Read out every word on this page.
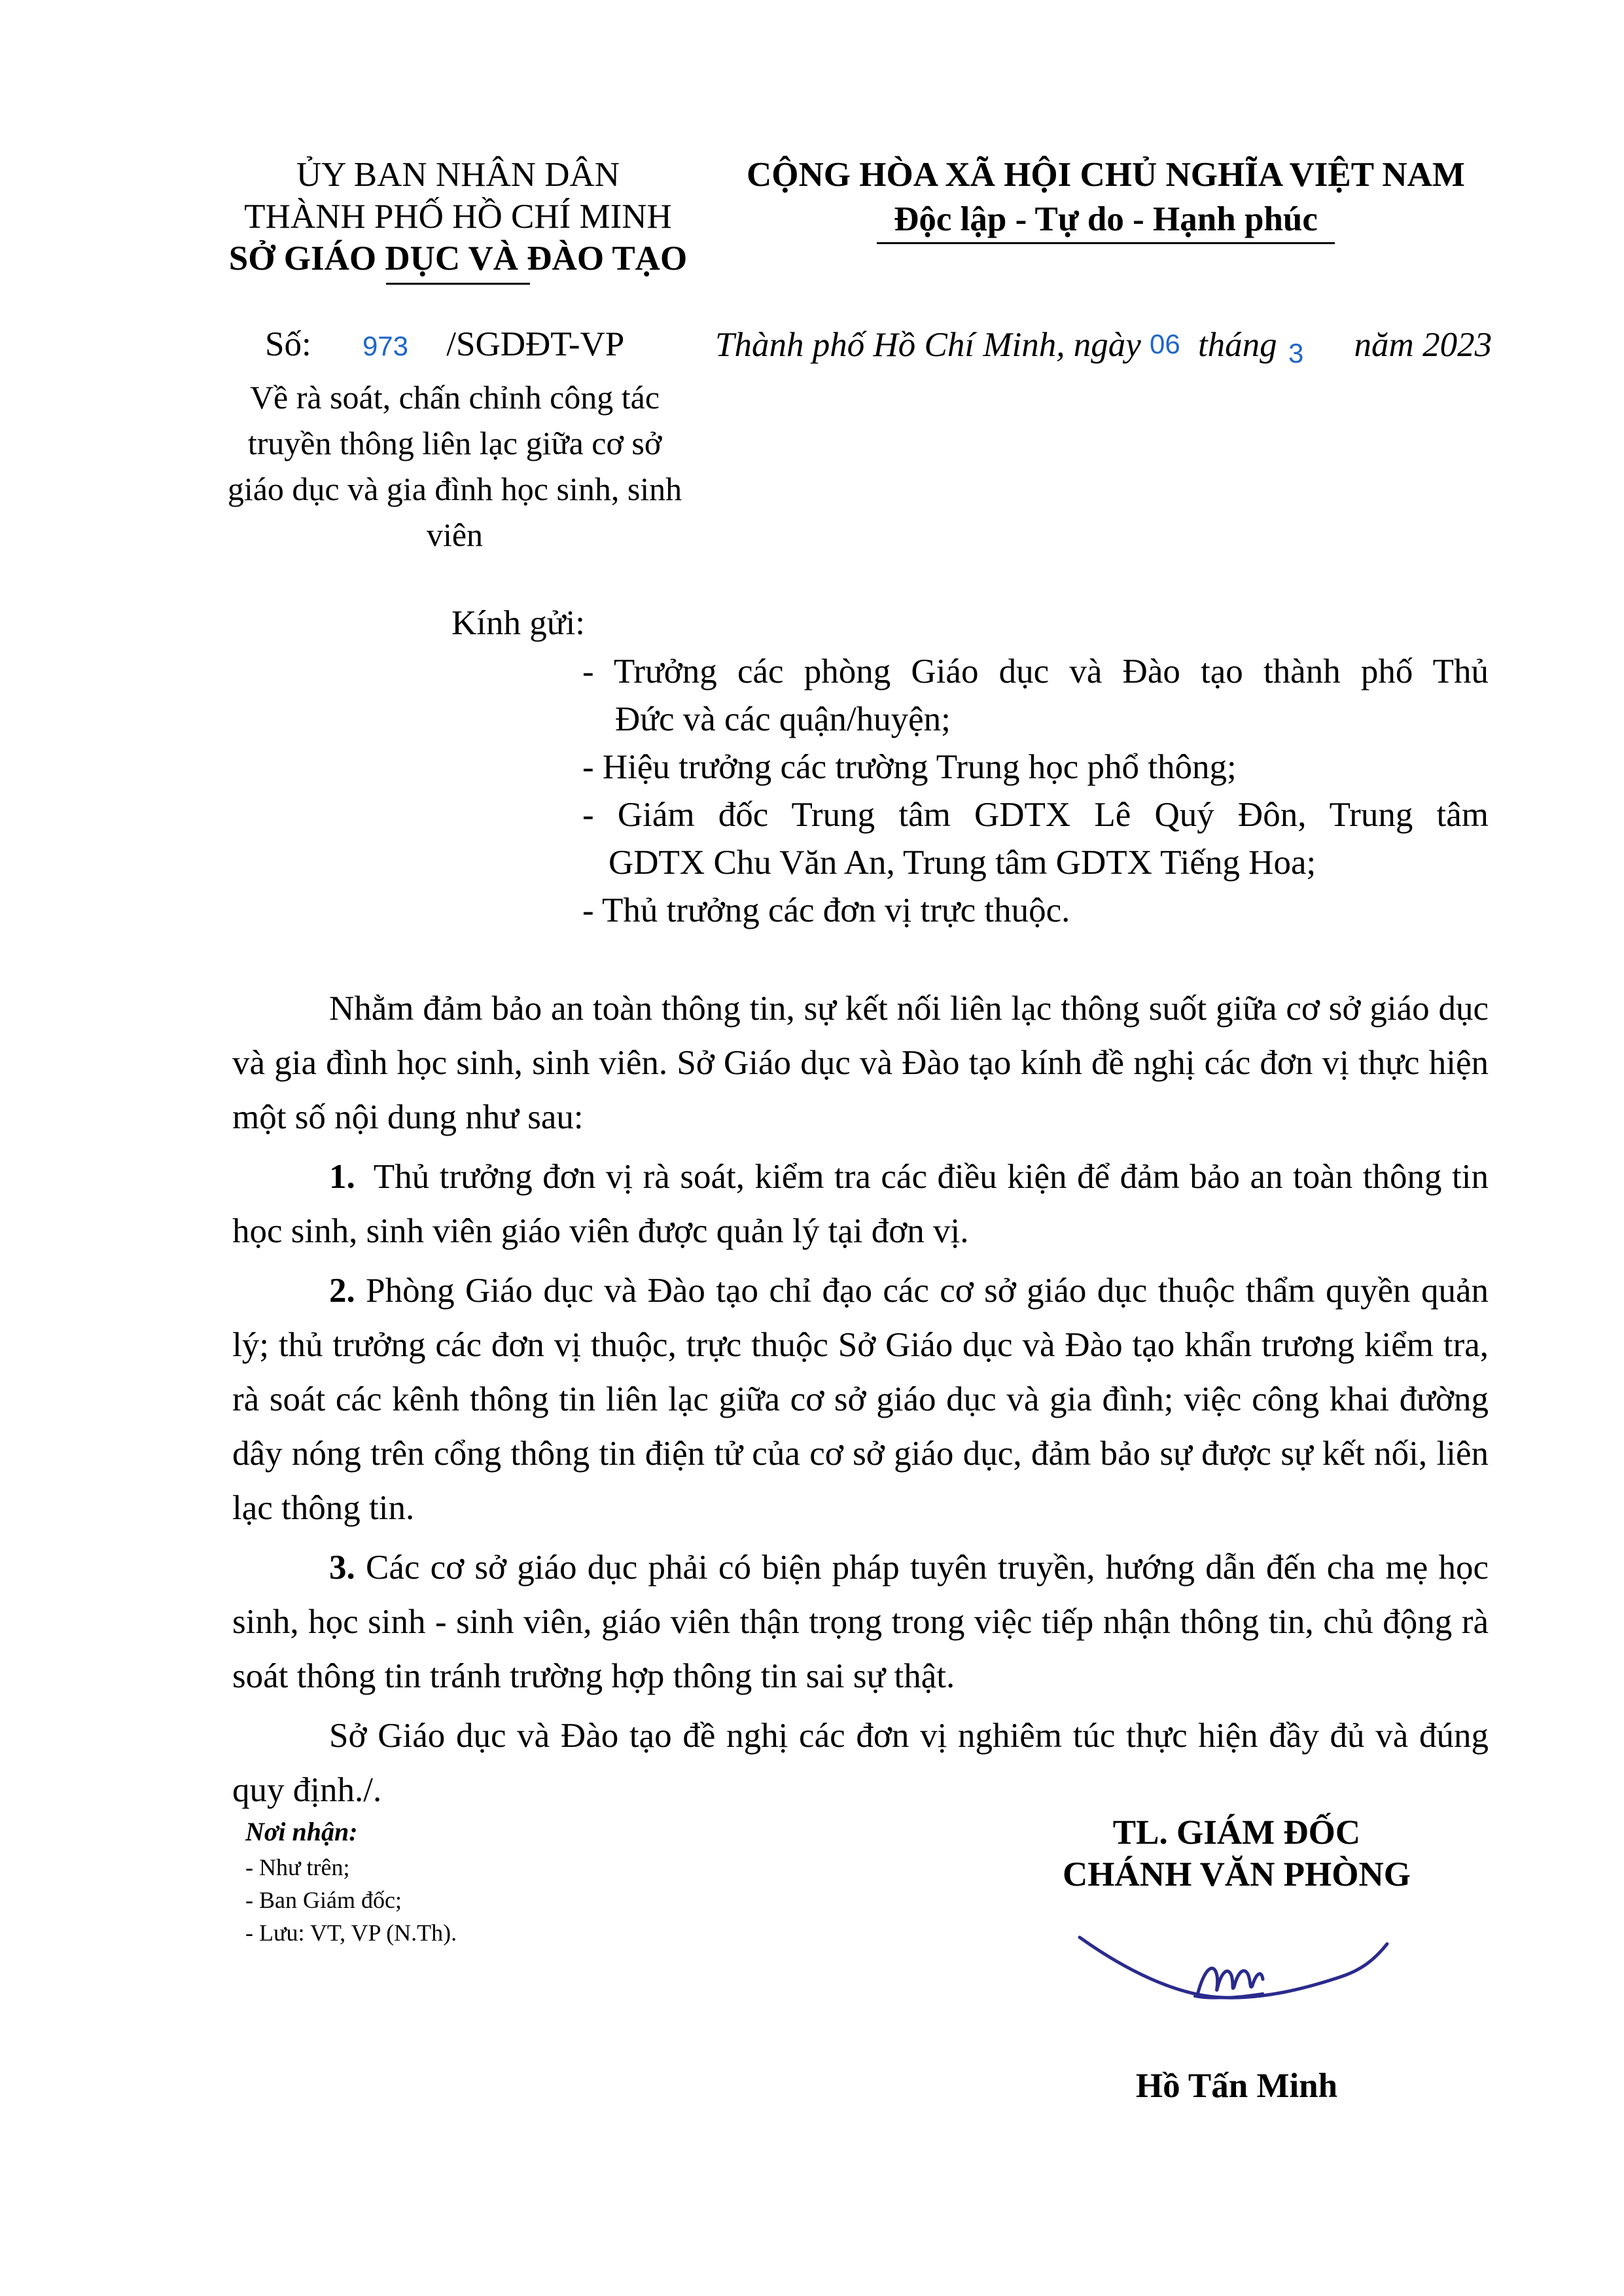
ỦY BAN NHÂN DÂN
THÀNH PHỐ HỒ CHÍ MINH
SỞ GIÁO DỤC VÀ ĐÀO TẠO
CỘNG HÒA XÃ HỘI CHỦ NGHĨA VIỆT NAM
Độc lập - Tự do - Hạnh phúc
Số: 973 /SGDĐT-VP	Thành phố Hồ Chí Minh, ngày 06 tháng 3 năm 2023
Về rà soát, chấn chỉnh công tác
truyền thông liên lạc giữa cơ sở
giáo dục và gia đình học sinh, sinh
viên
Kính gửi:
- Trưởng các phòng Giáo dục và Đào tạo thành phố Thủ
Đức và các quận/huyện;
- Hiệu trưởng các trường Trung học phổ thông;
- Giám đốc Trung tâm GDTX Lê Quý Đôn, Trung tâm
GDTX Chu Văn An, Trung tâm GDTX Tiếng Hoa;
- Thủ trưởng các đơn vị trực thuộc.

Nhằm đảm bảo an toàn thông tin, sự kết nối liên lạc thông suốt giữa cơ sở giáo dục và gia đình học sinh, sinh viên. Sở Giáo dục và Đào tạo kính đề nghị các đơn vị thực hiện một số nội dung như sau:

1. Thủ trưởng đơn vị rà soát, kiểm tra các điều kiện để đảm bảo an toàn thông tin học sinh, sinh viên giáo viên được quản lý tại đơn vị.

2. Phòng Giáo dục và Đào tạo chỉ đạo các cơ sở giáo dục thuộc thẩm quyền quản lý; thủ trưởng các đơn vị thuộc, trực thuộc Sở Giáo dục và Đào tạo khẩn trương kiểm tra, rà soát các kênh thông tin liên lạc giữa cơ sở giáo dục và gia đình; việc công khai đường dây nóng trên cổng thông tin điện tử của cơ sở giáo dục, đảm bảo sự được sự kết nối, liên lạc thông tin.

3. Các cơ sở giáo dục phải có biện pháp tuyên truyền, hướng dẫn đến cha mẹ học sinh, học sinh - sinh viên, giáo viên thận trọng trong việc tiếp nhận thông tin, chủ động rà soát thông tin tránh trường hợp thông tin sai sự thật.

Sở Giáo dục và Đào tạo đề nghị các đơn vị nghiêm túc thực hiện đầy đủ và đúng quy định./.

Nơi nhận:
- Như trên;
- Ban Giám đốc;
- Lưu: VT, VP (N.Th).
TL. GIÁM ĐỐC
CHÁNH VĂN PHÒNG
Hồ Tấn Minh
